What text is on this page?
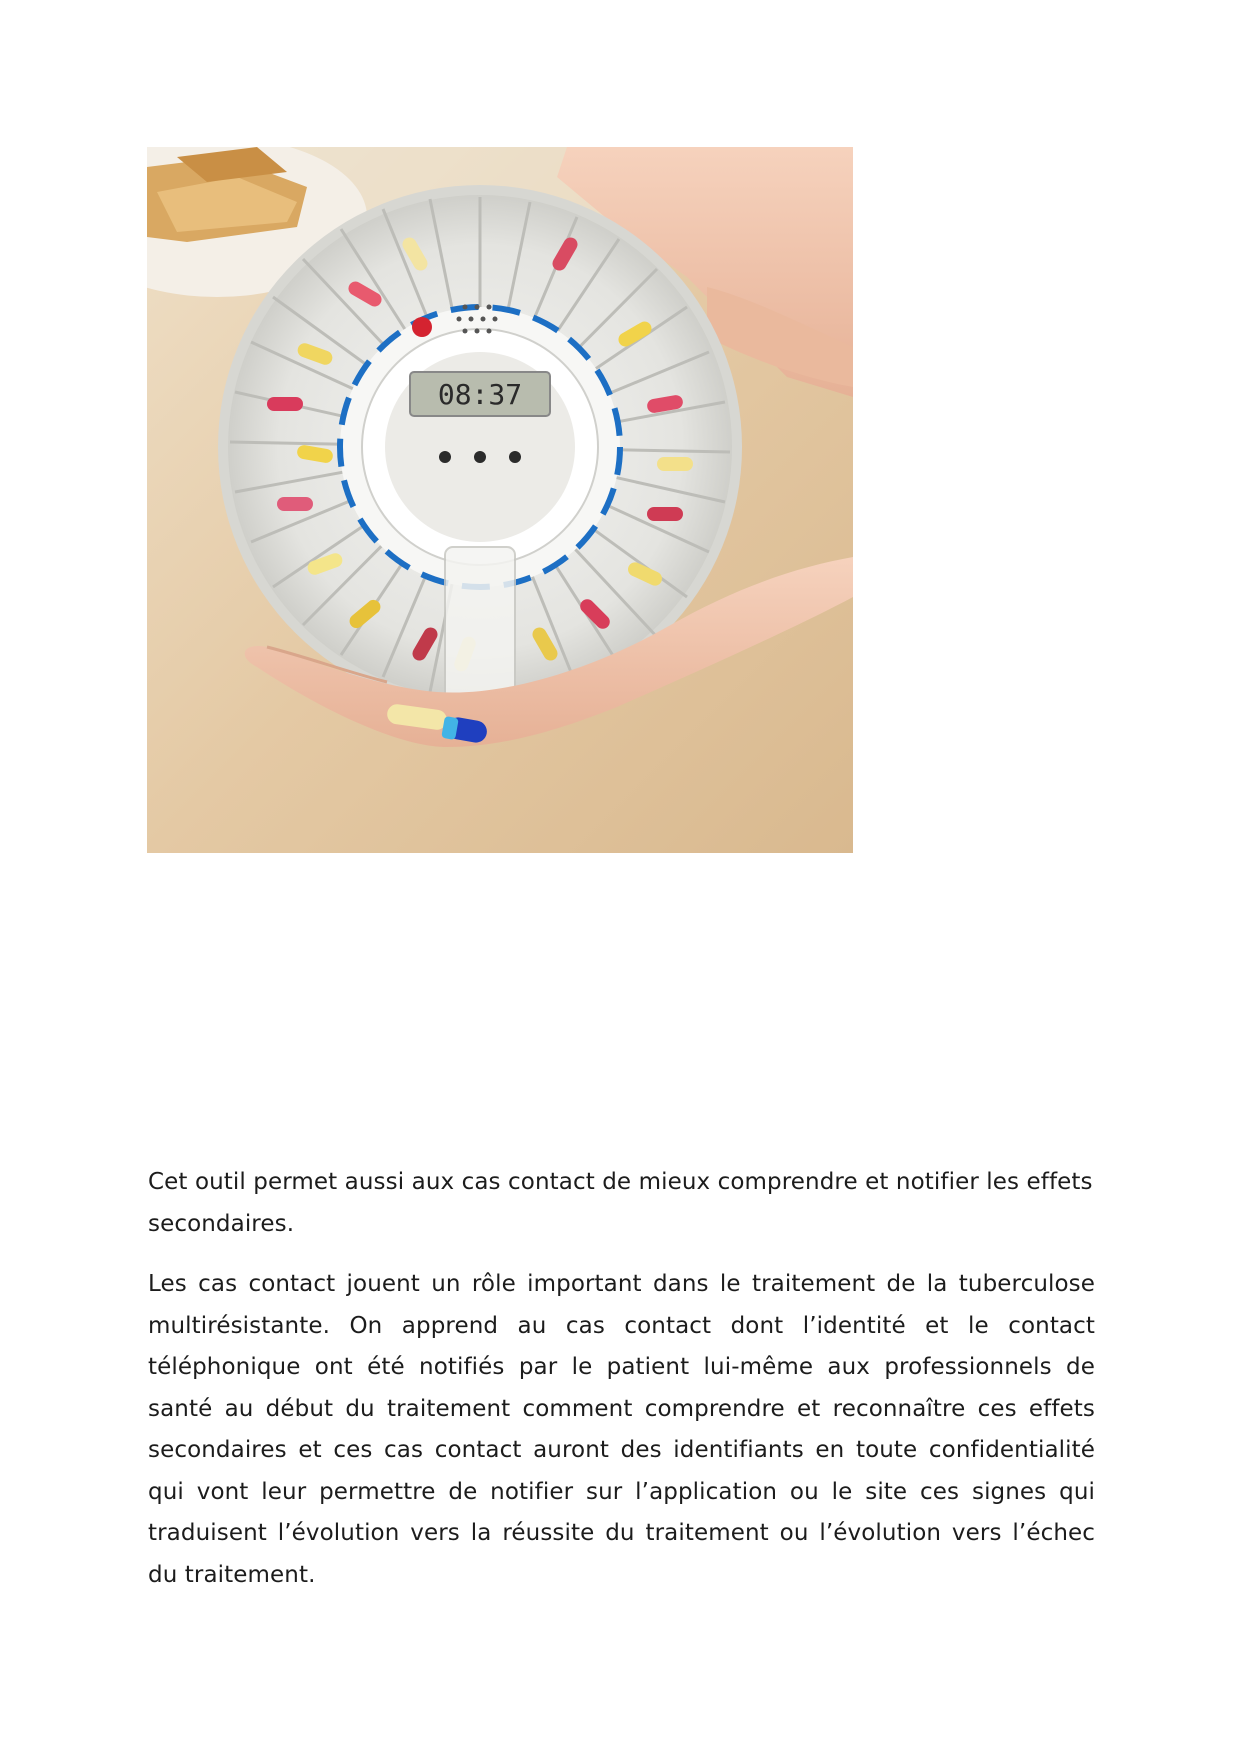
08:37

Cet outil permet aussi aux cas contact de mieux comprendre et notifier les effets secondaires.

Les cas contact jouent un rôle important dans le traitement de la tuberculose multirésistante. On apprend au cas contact dont l’identité et le contact téléphonique ont été notifiés par le patient lui-même aux professionnels de santé au début du traitement comment comprendre et reconnaître ces effets secondaires et ces cas contact auront des identifiants en toute confidentialité qui vont leur permettre de notifier sur l’application ou le site ces signes qui traduisent l’évolution vers la réussite du traitement ou l’évolution vers l’échec du traitement.
